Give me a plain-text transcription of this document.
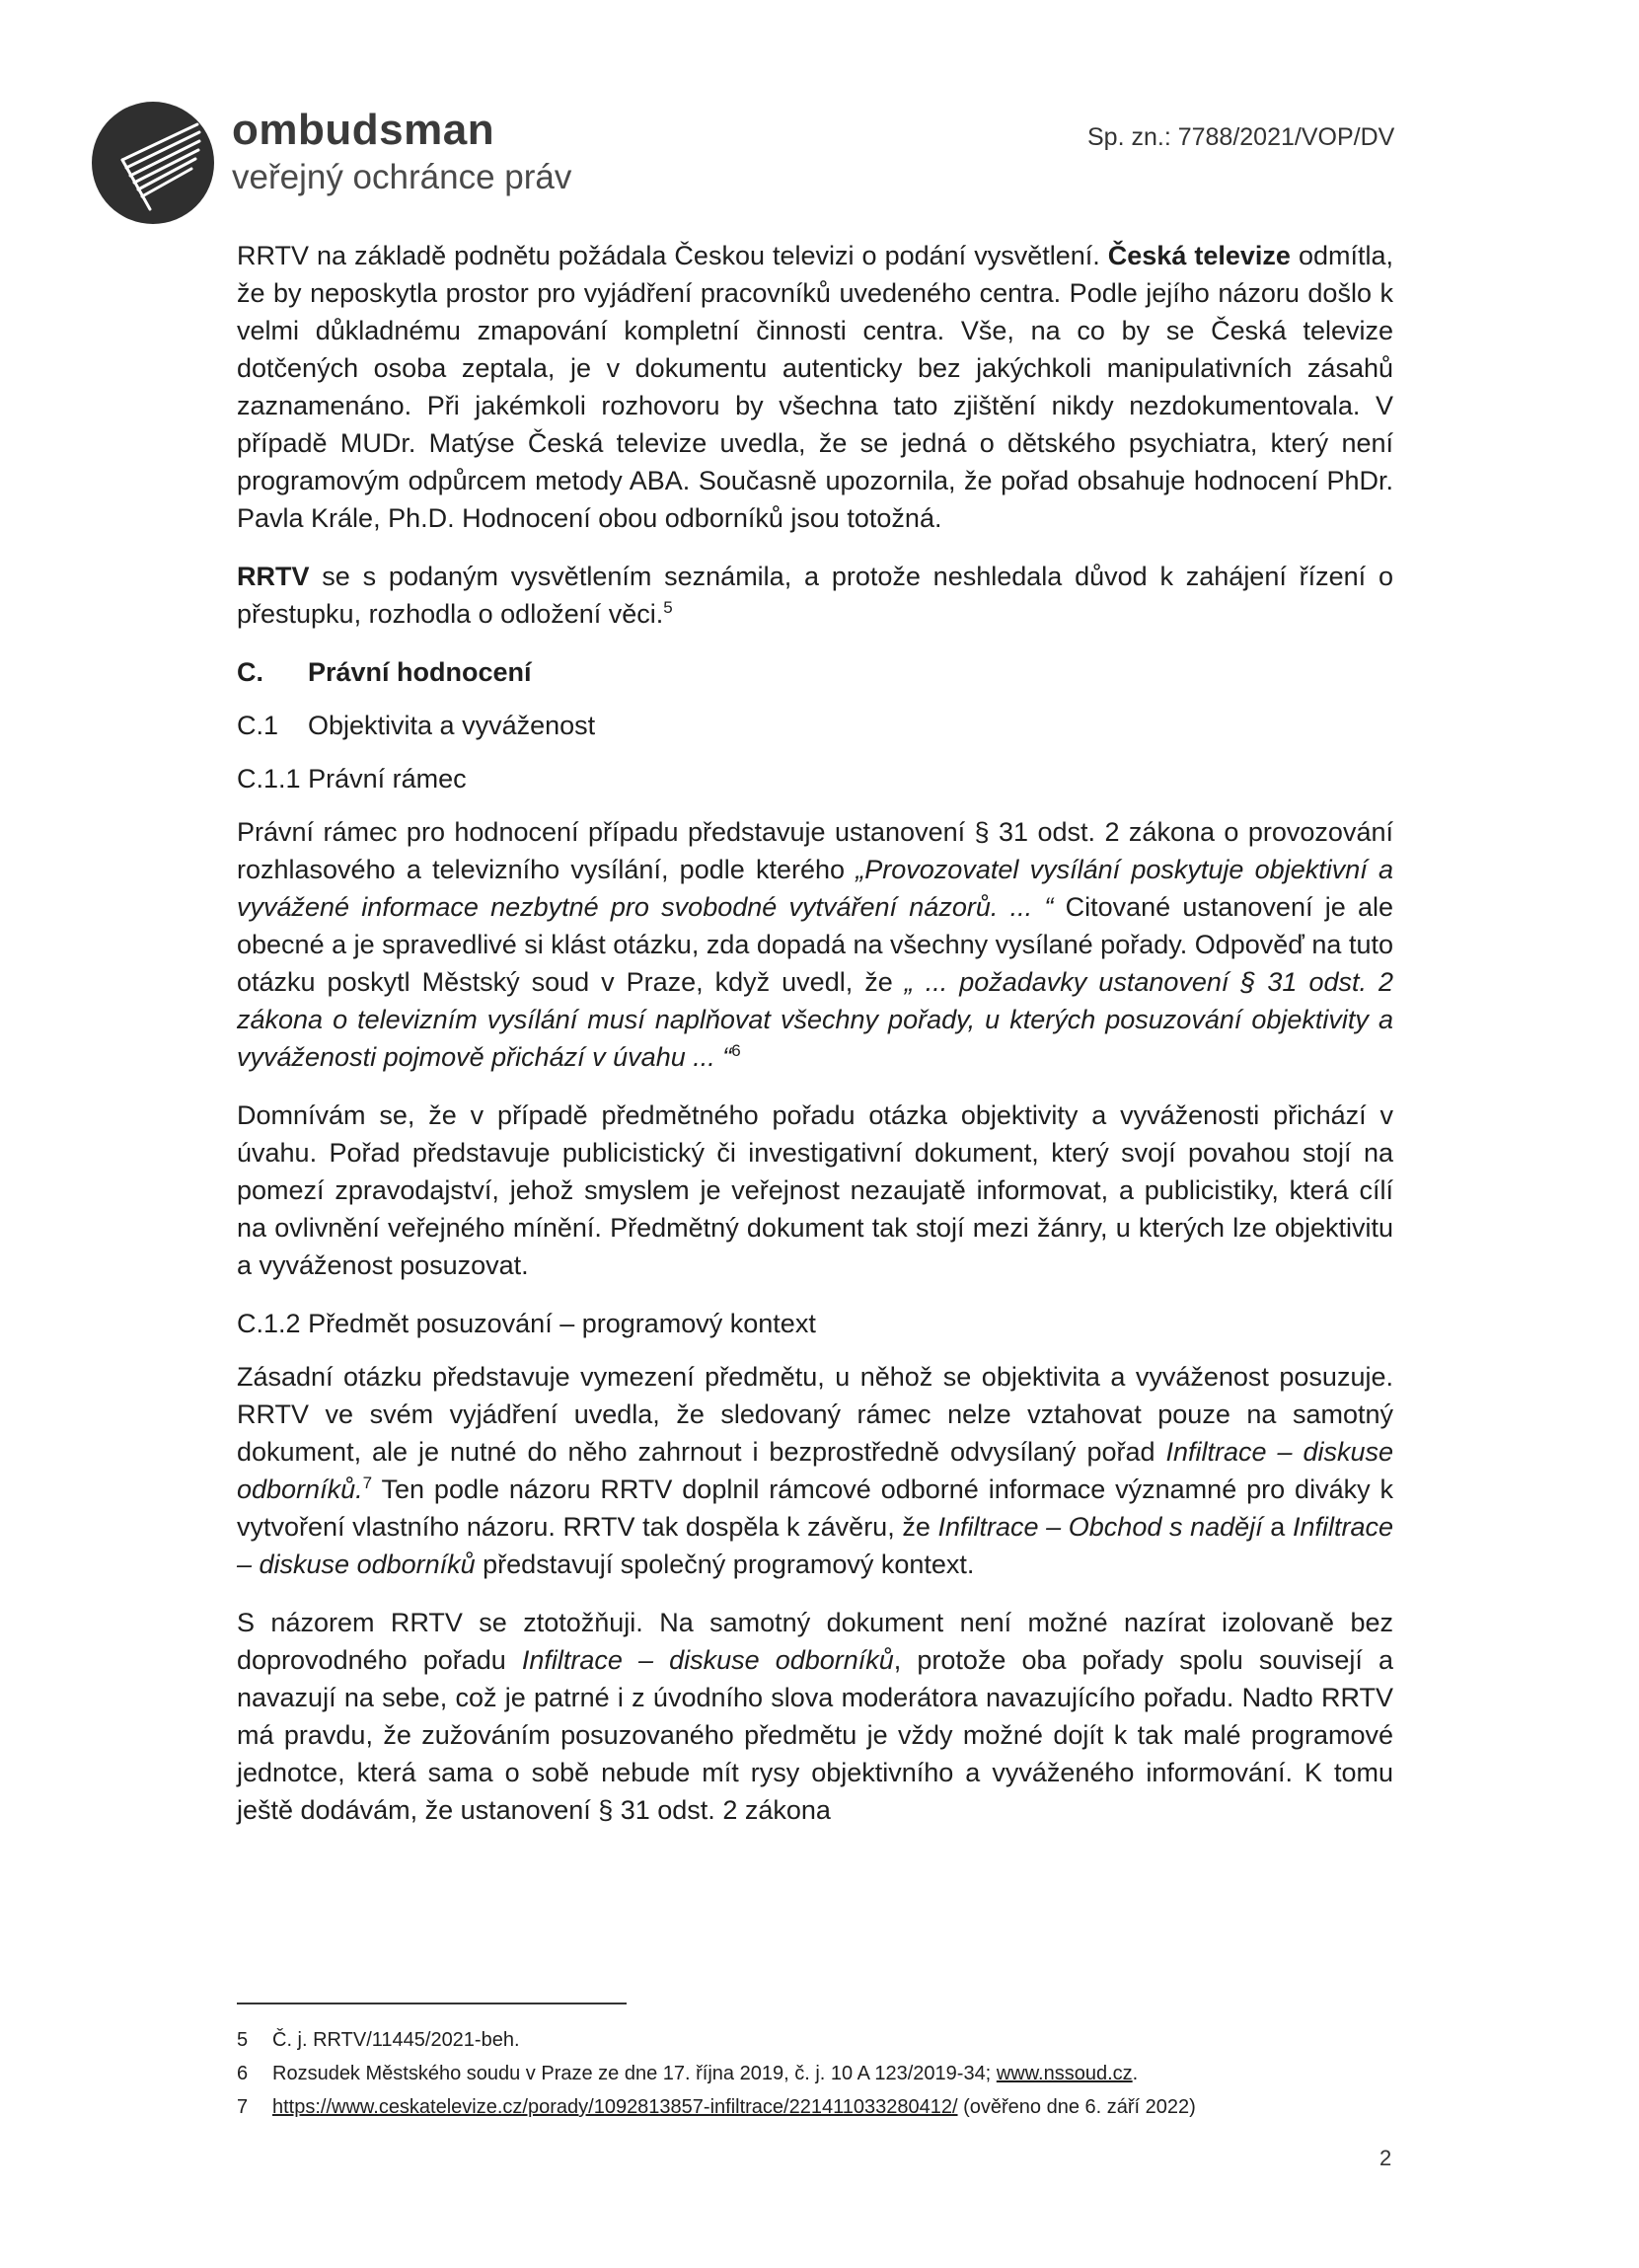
ombudsman
veřejný ochránce práv
Sp. zn.: 7788/2021/VOP/DV

RRTV na základě podnětu požádala Českou televizi o podání vysvětlení. Česká televize odmítla, že by neposkytla prostor pro vyjádření pracovníků uvedeného centra. Podle jejího názoru došlo k velmi důkladnému zmapování kompletní činnosti centra. Vše, na co by se Česká televize dotčených osoba zeptala, je v dokumentu autenticky bez jakýchkoli manipulativních zásahů zaznamenáno. Při jakémkoli rozhovoru by všechna tato zjištění nikdy nezdokumentovala. V případě MUDr. Matýse Česká televize uvedla, že se jedná o dětského psychiatra, který není programovým odpůrcem metody ABA. Současně upozornila, že pořad obsahuje hodnocení PhDr. Pavla Krále, Ph.D. Hodnocení obou odborníků jsou totožná.

RRTV se s podaným vysvětlením seznámila, a protože neshledala důvod k zahájení řízení o přestupku, rozhodla o odložení věci.$^5$

C. Právní hodnocení
C.1 Objektivita a vyváženost
C.1.1 Právní rámec

Právní rámec pro hodnocení případu představuje ustanovení § 31 odst. 2 zákona o provozování rozhlasového a televizního vysílání, podle kterého „Provozovatel vysílání poskytuje objektivní a vyvážené informace nezbytné pro svobodné vytváření názorů. ... “ Citované ustanovení je ale obecné a je spravedlivé si klást otázku, zda dopadá na všechny vysílané pořady. Odpověď na tuto otázku poskytl Městský soud v Praze, když uvedl, že „ ... požadavky ustanovení § 31 odst. 2 zákona o televizním vysílání musí naplňovat všechny pořady, u kterých posuzování objektivity a vyváženosti pojmově přichází v úvahu ... “$^6$

Domnívám se, že v případě předmětného pořadu otázka objektivity a vyváženosti přichází v úvahu. Pořad představuje publicistický či investigativní dokument, který svojí povahou stojí na pomezí zpravodajství, jehož smyslem je veřejnost nezaujatě informovat, a publicistiky, která cílí na ovlivnění veřejného mínění. Předmětný dokument tak stojí mezi žánry, u kterých lze objektivitu a vyváženost posuzovat.

C.1.2 Předmět posuzování – programový kontext

Zásadní otázku představuje vymezení předmětu, u něhož se objektivita a vyváženost posuzuje. RRTV ve svém vyjádření uvedla, že sledovaný rámec nelze vztahovat pouze na samotný dokument, ale je nutné do něho zahrnout i bezprostředně odvysílaný pořad Infiltrace – diskuse odborníků.$^7$ Ten podle názoru RRTV doplnil rámcové odborné informace významné pro diváky k vytvoření vlastního názoru. RRTV tak dospěla k závěru, že Infiltrace – Obchod s nadějí a Infiltrace – diskuse odborníků představují společný programový kontext.

S názorem RRTV se ztotožňuji. Na samotný dokument není možné nazírat izolovaně bez doprovodného pořadu Infiltrace – diskuse odborníků, protože oba pořady spolu souvisejí a navazují na sebe, což je patrné i z úvodního slova moderátora navazujícího pořadu. Nadto RRTV má pravdu, že zužováním posuzovaného předmětu je vždy možné dojít k tak malé programové jednotce, která sama o sobě nebude mít rysy objektivního a vyváženého informování. K tomu ještě dodávám, že ustanovení § 31 odst. 2 zákona

5	Č. j. RRTV/11445/2021-beh.
6	Rozsudek Městského soudu v Praze ze dne 17. října 2019, č. j. 10 A 123/2019-34; www.nssoud.cz.
7	https://www.ceskatelevize.cz/porady/1092813857-infiltrace/221411033280412/ (ověřeno dne 6. září 2022)
2
